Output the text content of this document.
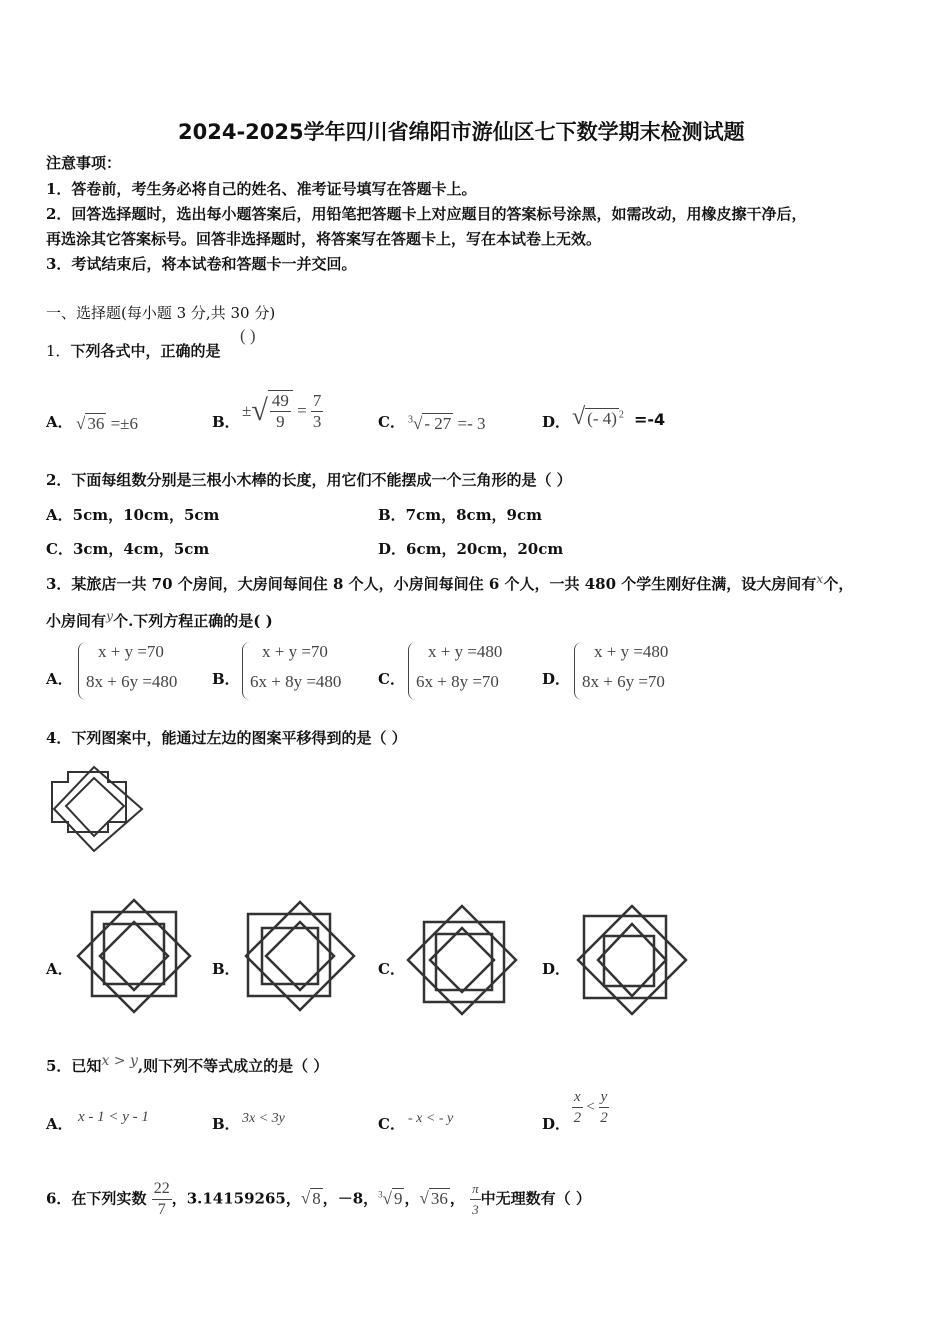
2024-2025学年四川省绵阳市游仙区七下数学期末检测试题
注意事项：
1．答卷前，考生务必将自己的姓名、准考证号填写在答题卡上。
2．回答选择题时，选出每小题答案后，用铅笔把答题卡上对应题目的答案标号涂黑，如需改动，用橡皮擦干净后，
再选涂其它答案标号。回答非选择题时，将答案写在答题卡上，写在本试卷上无效。
3．考试结束后，将本试卷和答题卡一并交回。
一、选择题(每小题 3 分,共 30 分)
1．下列各式中，正确的是
( )
A． √ 36 =±6	B．
±√ $\frac{49}{9} = \frac{7}{3}$	C． $^3$√ - 27 =- 3	D． √ (- 4) $^2$ =-4
2．下面每组数分别是三根小木棒的长度，用它们不能摆成一个三角形的是（ ）
A．5cm，10cm，5cm	B．7cm，8cm，9cm
C．3cm，4cm，5cm	D．6cm，20cm，20cm
3．某旅店一共 70 个房间，大房间每间住 8 个人，小房间每间住 6 个人，一共 480 个学生刚好住满，设大房间有$^x$个，
小房间有$^y$个.下列方程正确的是( )
A．
x + y =70
8x + 6y =480 B．
x + y =70
6x + 8y =480 C．
x + y =480
6x + 8y =70	D．
x + y =480
8x + 6y =70
4．下列图案中，能通过左边的图案平移得到的是（ ）
A．	B．	C．	D．
5．已知$^{x > y}$,则下列不等式成立的是（ ）
A． x - 1 < y - 1	B． 3x < 3y	C． - x < - y	D． $\frac{x}{2} < \frac{y}{2}$
6．在下列实数 $\frac{22}{7}$ ，3.14159265，√ 8 ，－8，$^3$√ 9 ，√ 36 ， $\frac{\pi}{3}$ 中无理数有（ ）
